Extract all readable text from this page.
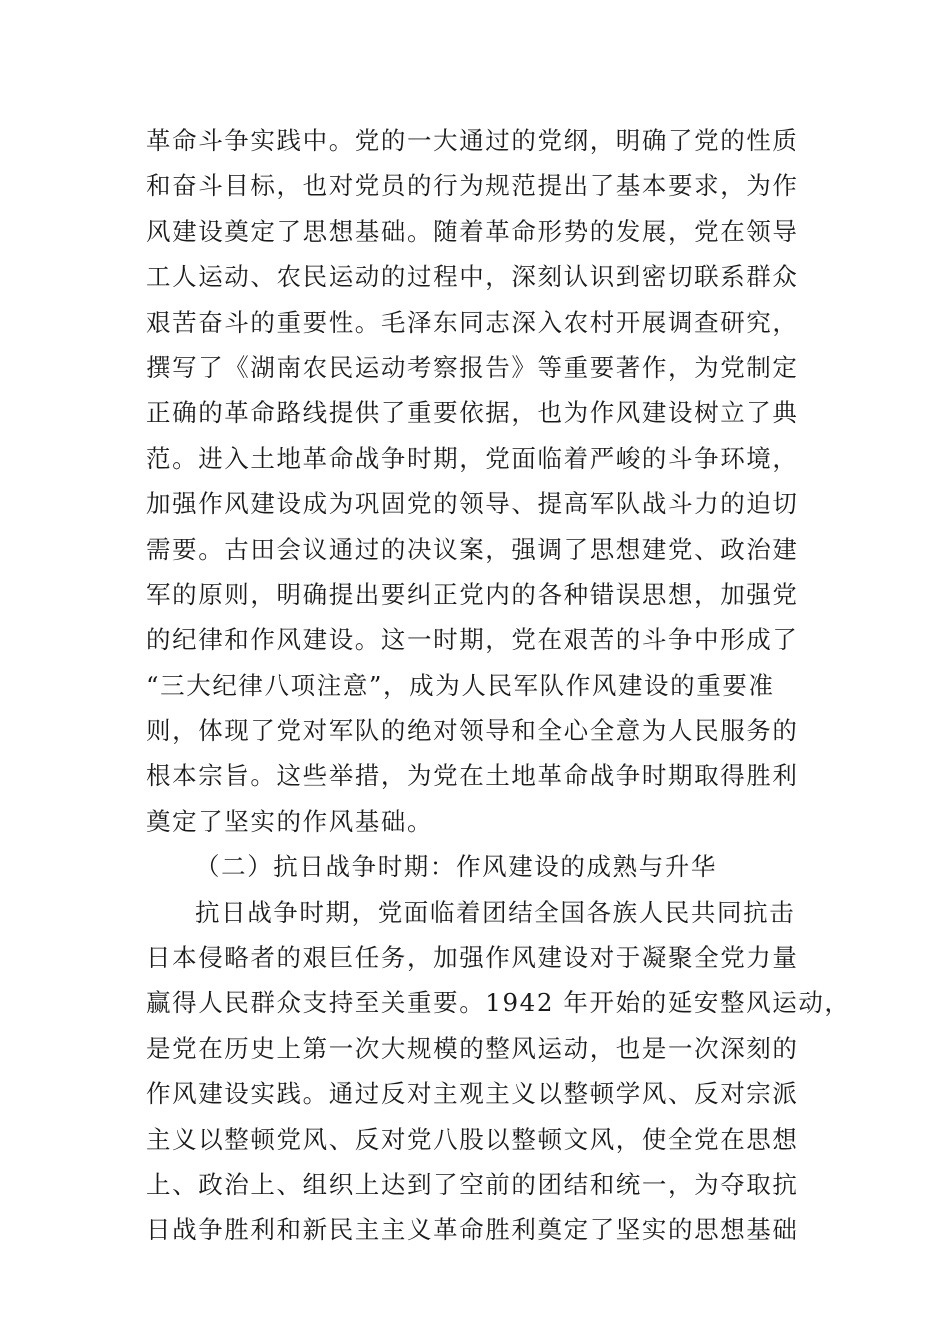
革命斗争实践中。党的一大通过的党纲，明确了党的性质
和奋斗目标，也对党员的行为规范提出了基本要求，为作
风建设奠定了思想基础。随着革命形势的发展，党在领导
工人运动、农民运动的过程中，深刻认识到密切联系群众
艰苦奋斗的重要性。毛泽东同志深入农村开展调查研究，
撰写了《湖南农民运动考察报告》等重要著作，为党制定
正确的革命路线提供了重要依据，也为作风建设树立了典
范。进入土地革命战争时期，党面临着严峻的斗争环境，
加强作风建设成为巩固党的领导、提高军队战斗力的迫切
需要。古田会议通过的决议案，强调了思想建党、政治建
军的原则，明确提出要纠正党内的各种错误思想，加强党
的纪律和作风建设。这一时期，党在艰苦的斗争中形成了
“三大纪律八项注意”，成为人民军队作风建设的重要准
则，体现了党对军队的绝对领导和全心全意为人民服务的
根本宗旨。这些举措，为党在土地革命战争时期取得胜利
奠定了坚实的作风基础。
（二）抗日战争时期：作风建设的成熟与升华
抗日战争时期，党面临着团结全国各族人民共同抗击
日本侵略者的艰巨任务，加强作风建设对于凝聚全党力量
赢得人民群众支持至关重要。1942 年开始的延安整风运动，
是党在历史上第一次大规模的整风运动，也是一次深刻的
作风建设实践。通过反对主观主义以整顿学风、反对宗派
主义以整顿党风、反对党八股以整顿文风，使全党在思想
上、政治上、组织上达到了空前的团结和统一，为夺取抗
日战争胜利和新民主主义革命胜利奠定了坚实的思想基础
